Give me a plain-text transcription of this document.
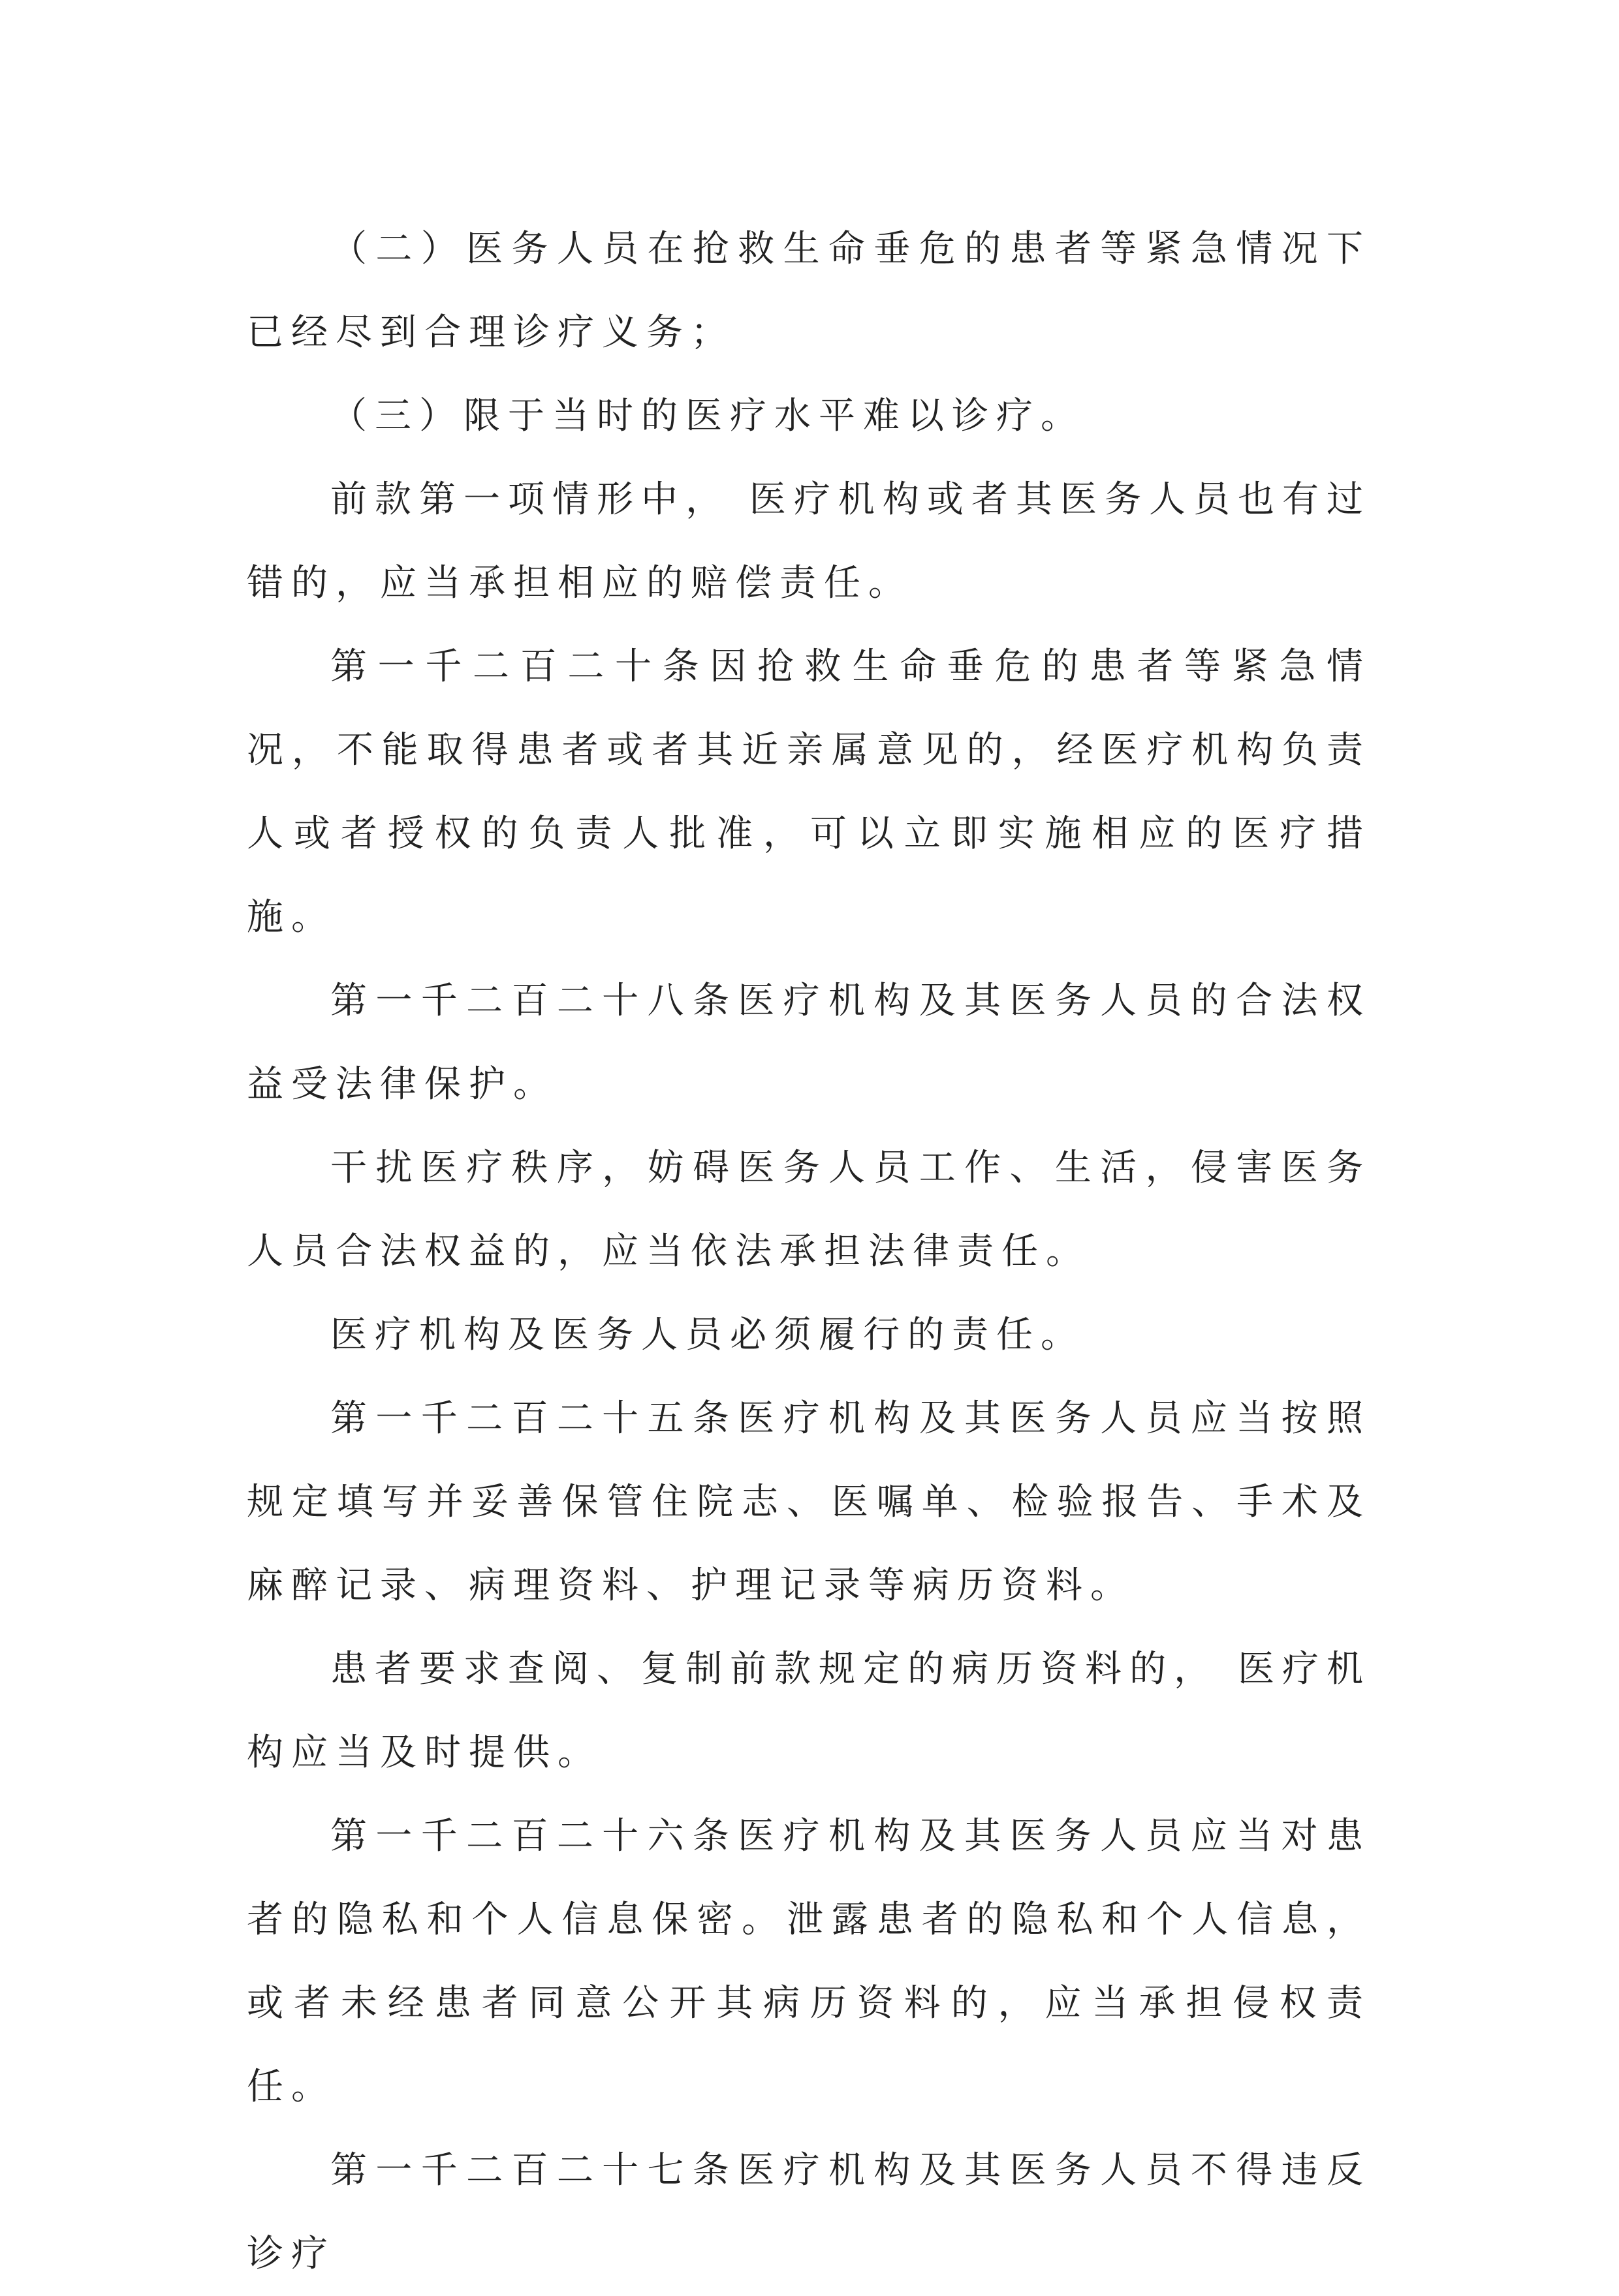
（二）医务人员在抢救生命垂危的患者等紧急情况下已经尽到合理诊疗义务；

（三）限于当时的医疗水平难以诊疗。

前款第一项情形中， 医疗机构或者其医务人员也有过错的，应当承担相应的赔偿责任。

第一千二百二十条因抢救生命垂危的患者等紧急情况，不能取得患者或者其近亲属意见的，经医疗机构负责人或者授权的负责人批准，可以立即实施相应的医疗措施。

第一千二百二十八条医疗机构及其医务人员的合法权益受法律保护。

干扰医疗秩序，妨碍医务人员工作、生活，侵害医务人员合法权益的，应当依法承担法律责任。

医疗机构及医务人员必须履行的责任。

第一千二百二十五条医疗机构及其医务人员应当按照规定填写并妥善保管住院志、医嘱单、检验报告、手术及麻醉记录、病理资料、护理记录等病历资料。

患者要求查阅、复制前款规定的病历资料的， 医疗机构应当及时提供。

第一千二百二十六条医疗机构及其医务人员应当对患者的隐私和个人信息保密。泄露患者的隐私和个人信息，或者未经患者同意公开其病历资料的，应当承担侵权责任。

第一千二百二十七条医疗机构及其医务人员不得违反诊疗
